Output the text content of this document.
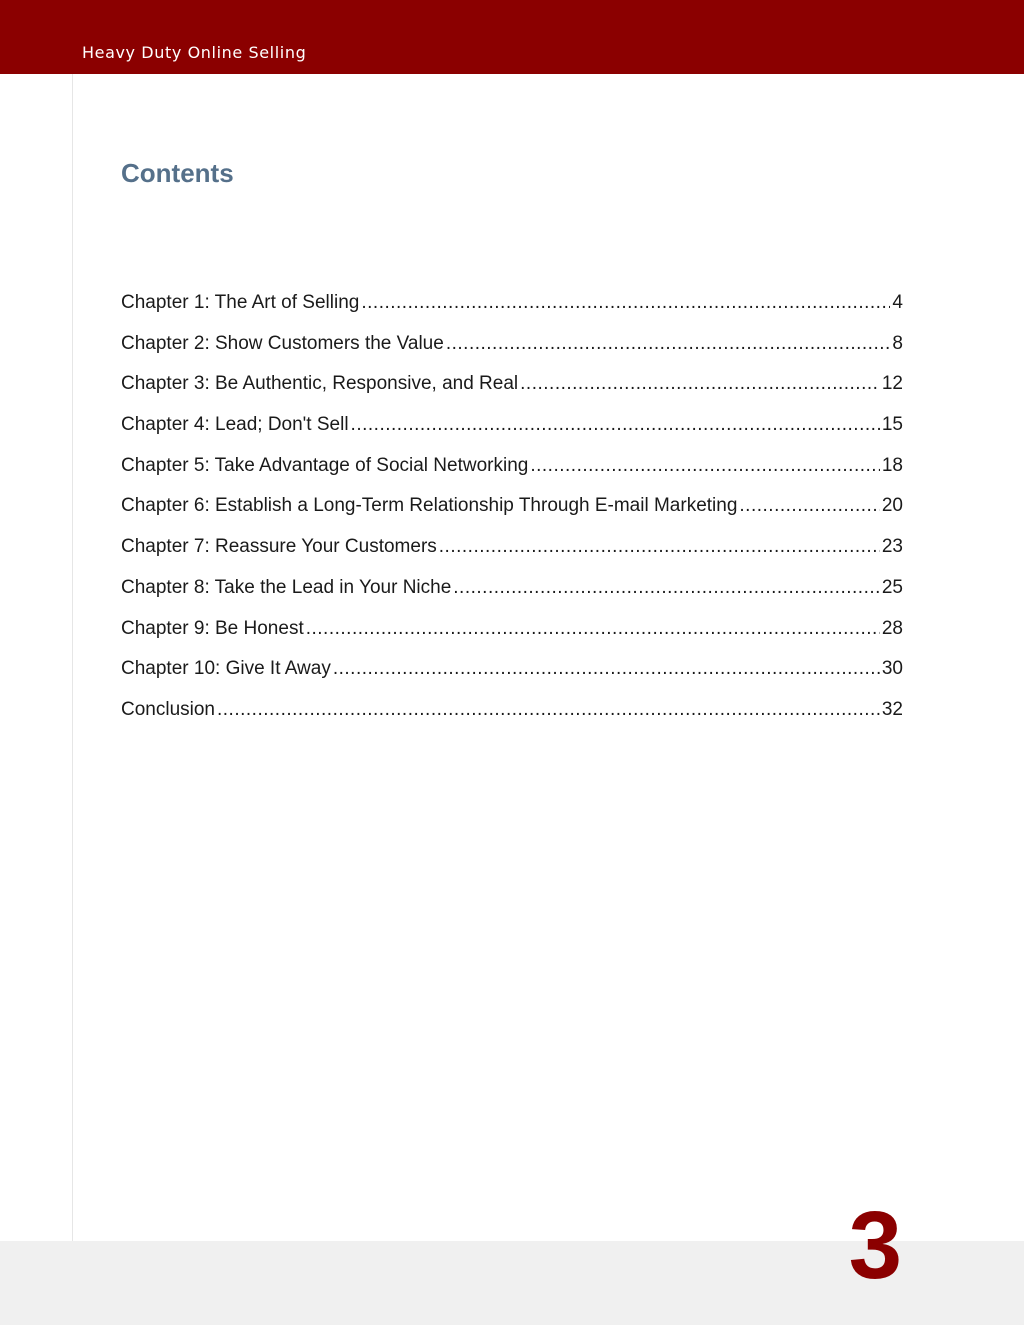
Heavy Duty Online Selling
Contents
Chapter 1: The Art of Selling .....	4
Chapter 2: Show Customers the Value .....	8
Chapter 3: Be Authentic, Responsive, and Real .....	12
Chapter 4: Lead; Don't Sell .....	15
Chapter 5: Take Advantage of Social Networking .....	18
Chapter 6: Establish a Long-Term Relationship Through E-mail Marketing .....	20
Chapter 7: Reassure Your Customers .....	23
Chapter 8: Take the Lead in Your Niche .....	25
Chapter 9: Be Honest .....	28
Chapter 10: Give It Away .....	30
Conclusion .....	32
3
